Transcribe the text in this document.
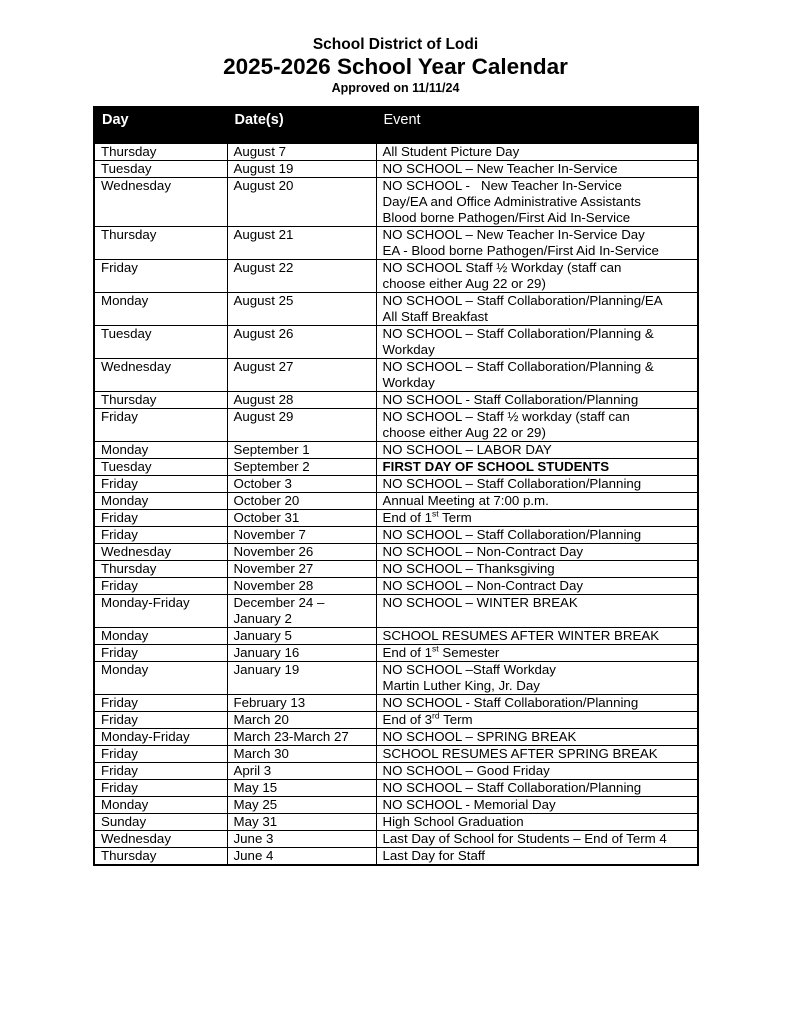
School District of Lodi
2025-2026 School Year Calendar
Approved on 11/11/24
Day	Date(s)	Event

Thursday	August 7	All Student Picture Day

Tuesday	August 19	NO SCHOOL – New Teacher In-Service

Wednesday	August 20	NO SCHOOL -   New Teacher In-Service
Day/EA and Office Administrative Assistants
Blood borne Pathogen/First Aid In-Service

Thursday	August 21	NO SCHOOL – New Teacher In-Service Day
EA - Blood borne Pathogen/First Aid In-Service

Friday	August 22	NO SCHOOL Staff ½ Workday (staff can
choose either Aug 22 or 29)

Monday	August 25	NO SCHOOL – Staff Collaboration/Planning/EA
All Staff Breakfast

Tuesday	August 26	NO SCHOOL – Staff Collaboration/Planning &
Workday

Wednesday	August 27	NO SCHOOL – Staff Collaboration/Planning &
Workday

Thursday	August 28	NO SCHOOL - Staff Collaboration/Planning

Friday	August 29	NO SCHOOL – Staff ½ workday (staff can
choose either Aug 22 or 29)

Monday	September 1	NO SCHOOL – LABOR DAY

Tuesday	September 2	FIRST DAY OF SCHOOL STUDENTS

Friday	October 3	NO SCHOOL – Staff Collaboration/Planning

Monday	October 20	Annual Meeting at 7:00 p.m.

Friday	October 31	End of 1st Term

Friday	November 7	NO SCHOOL – Staff Collaboration/Planning

Wednesday	November 26	NO SCHOOL – Non-Contract Day

Thursday	November 27	NO SCHOOL – Thanksgiving

Friday	November 28	NO SCHOOL – Non-Contract Day

Monday-Friday	December 24 –
January 2	NO SCHOOL – WINTER BREAK

Monday	January 5	SCHOOL RESUMES AFTER WINTER BREAK

Friday	January 16	End of 1st Semester

Monday	January 19	NO SCHOOL –Staff Workday
Martin Luther King, Jr. Day

Friday	February 13	NO SCHOOL - Staff Collaboration/Planning

Friday	March 20	End of 3rd Term

Monday-Friday	March 23-March 27	NO SCHOOL – SPRING BREAK

Friday	March 30	SCHOOL RESUMES AFTER SPRING BREAK

Friday	April 3	NO SCHOOL – Good Friday

Friday	May 15	NO SCHOOL – Staff Collaboration/Planning

Monday	May 25	NO SCHOOL - Memorial Day

Sunday	May 31	High School Graduation

Wednesday	June 3	Last Day of School for Students – End of Term 4

Thursday	June 4	Last Day for Staff
